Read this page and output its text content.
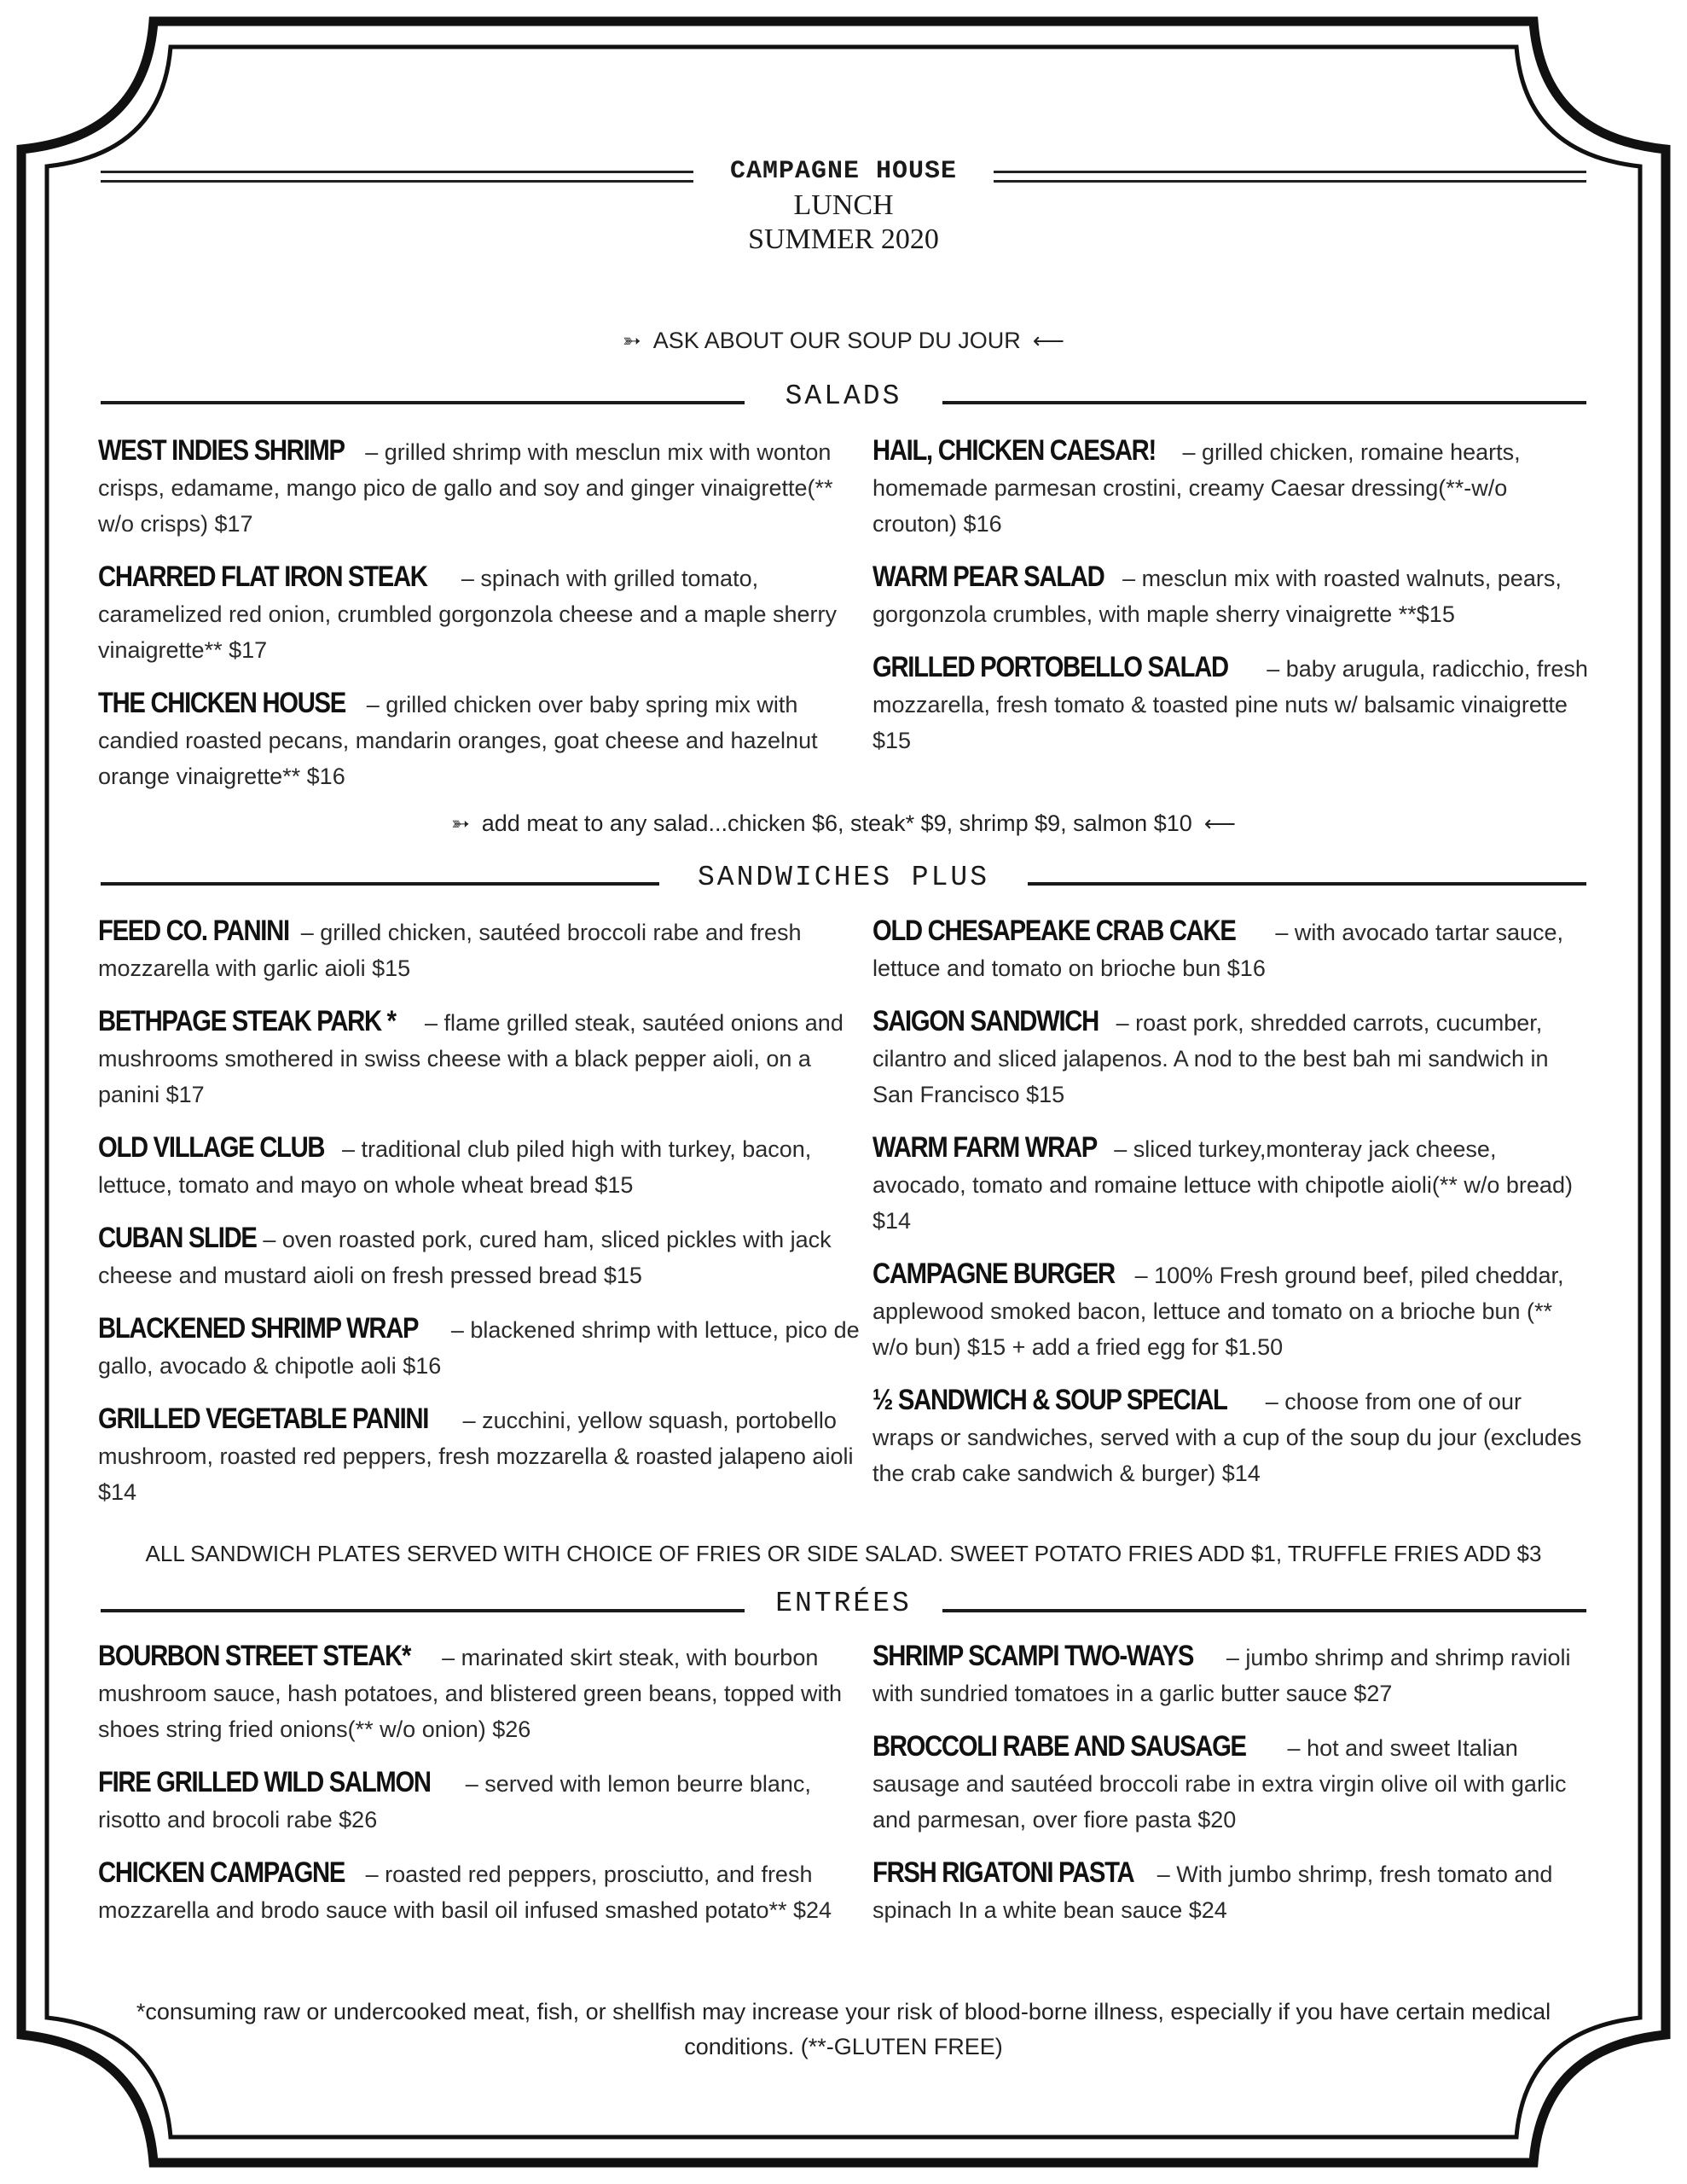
CAMPAGNE HOUSE
LUNCH
SUMMER 2020
➳ ASK ABOUT OUR SOUP DU JOUR ⟵
SALADS
WEST INDIES SHRIMP – grilled shrimp with mesclun mix with wonton crisps, edamame, mango pico de gallo and soy and ginger vinaigrette(** w/o crisps) $17
CHARRED FLAT IRON STEAK – spinach with grilled tomato, caramelized red onion, crumbled gorgonzola cheese and a maple sherry vinaigrette** $17
THE CHICKEN HOUSE – grilled chicken over baby spring mix with candied roasted pecans, mandarin oranges, goat cheese and hazelnut orange vinaigrette** $16
HAIL, CHICKEN CAESAR! – grilled chicken, romaine hearts, homemade parmesan crostini, creamy Caesar dressing(**-w/o crouton) $16
WARM PEAR SALAD – mesclun mix with roasted walnuts, pears, gorgonzola crumbles, with maple sherry vinaigrette **$15
GRILLED PORTOBELLO SALAD – baby arugula, radicchio, fresh mozzarella, fresh tomato & toasted pine nuts w/ balsamic vinaigrette $15
➳ add meat to any salad...chicken $6, steak* $9, shrimp $9, salmon $10 ⟵
SANDWICHES PLUS
FEED CO. PANINI – grilled chicken, sautéed broccoli rabe and fresh mozzarella with garlic aioli $15
BETHPAGE STEAK PARK * – flame grilled steak, sautéed onions and mushrooms smothered in swiss cheese with a black pepper aioli, on a panini $17
OLD VILLAGE CLUB – traditional club piled high with turkey, bacon, lettuce, tomato and mayo on whole wheat bread $15
CUBAN SLIDE – oven roasted pork, cured ham, sliced pickles with jack cheese and mustard aioli on fresh pressed bread $15
BLACKENED SHRIMP WRAP – blackened shrimp with lettuce, pico de gallo, avocado & chipotle aoli $16
GRILLED VEGETABLE PANINI – zucchini, yellow squash, portobello mushroom, roasted red peppers, fresh mozzarella & roasted jalapeno aioli $14
OLD CHESAPEAKE CRAB CAKE – with avocado tartar sauce, lettuce and tomato on brioche bun $16
SAIGON SANDWICH – roast pork, shredded carrots, cucumber, cilantro and sliced jalapenos. A nod to the best bah mi sandwich in San Francisco $15
WARM FARM WRAP – sliced turkey,monteray jack cheese, avocado, tomato and romaine lettuce with chipotle aioli(** w/o bread) $14
CAMPAGNE BURGER – 100% Fresh ground beef, piled cheddar, applewood smoked bacon, lettuce and tomato on a brioche bun (** w/o bun) $15 + add a fried egg for $1.50
½ SANDWICH & SOUP SPECIAL – choose from one of our wraps or sandwiches, served with a cup of the soup du jour (excludes the crab cake sandwich & burger) $14
ALL SANDWICH PLATES SERVED WITH CHOICE OF FRIES OR SIDE SALAD. SWEET POTATO FRIES ADD $1, TRUFFLE FRIES ADD $3
ENTRÉES
BOURBON STREET STEAK* – marinated skirt steak, with bourbon mushroom sauce, hash potatoes, and blistered green beans, topped with shoes string fried onions(** w/o onion) $26
FIRE GRILLED WILD SALMON – served with lemon beurre blanc, risotto and brocoli rabe $26
CHICKEN CAMPAGNE – roasted red peppers, prosciutto, and fresh mozzarella and brodo sauce with basil oil infused smashed potato** $24
SHRIMP SCAMPI TWO-WAYS – jumbo shrimp and shrimp ravioli with sundried tomatoes in a garlic butter sauce $27
BROCCOLI RABE AND SAUSAGE – hot and sweet Italian sausage and sautéed broccoli rabe in extra virgin olive oil with garlic and parmesan, over fiore pasta $20
FRSH RIGATONI PASTA – With jumbo shrimp, fresh tomato and spinach In a white bean sauce $24
*consuming raw or undercooked meat, fish, or shellfish may increase your risk of blood-borne illness, especially if you have certain medical conditions. (**-GLUTEN FREE)
